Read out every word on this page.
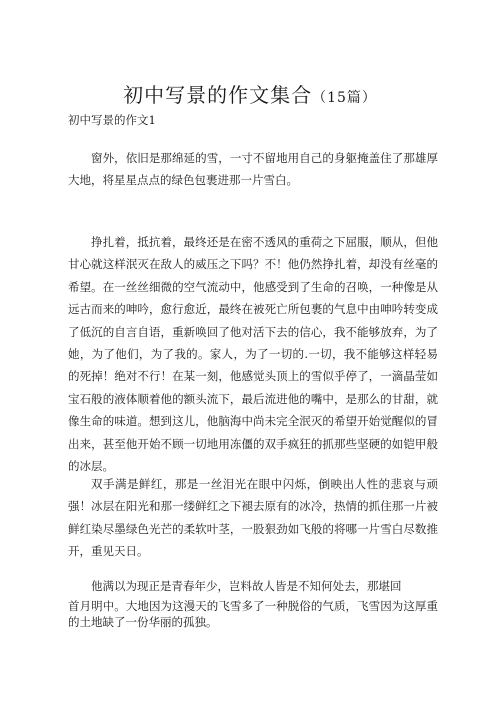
初中写景的作文集合（15篇）
初中写景的作文1

窗外，依旧是那绵延的雪，一寸不留地用自己的身躯掩盖住了那雄厚大地，将星星点点的绿色包裹进那一片雪白。

挣扎着，抵抗着，最终还是在密不透风的重荷之下屈服，顺从，但他甘心就这样泯灭在敌人的威压之下吗？不！他仍然挣扎着，却没有丝毫的希望。在一丝丝细微的空气流动中，他感受到了生命的召唤，一种像是从远古而来的呻吟，愈行愈近，最终在被死亡所包裹的气息中由呻吟转变成了低沉的自言自语，重新唤回了他对活下去的信心，我不能够放弃，为了她，为了他们，为了我的。家人，为了一切的.一切，我不能够这样轻易的死掉！绝对不行！在某一刻，他感觉头顶上的雪似乎停了，一滴晶莹如宝石般的液体顺着他的额头流下，最后流进他的嘴中，是那么的甘甜，就像生命的味道。想到这儿，他脑海中尚未完全泯灭的希望开始觉醒似的冒出来，甚至他开始不顾一切地用冻僵的双手疯狂的抓那些坚硬的如铠甲般的冰层。

双手满是鲜红，那是一丝泪光在眼中闪烁，倒映出人性的悲哀与顽强！冰层在阳光和那一缕鲜红之下褪去原有的冰冷，热情的抓住那一片被鲜红染尽墨绿色光芒的柔软叶茎，一股狠劲如飞般的将哪一片雪白尽数推开，重见天日。

他满以为现正是青春年少，岂料故人皆是不知何处去，那堪回

首月明中。大地因为这漫天的飞雪多了一种脱俗的气质，飞雪因为这厚重的土地缺了一份华丽的孤独。
